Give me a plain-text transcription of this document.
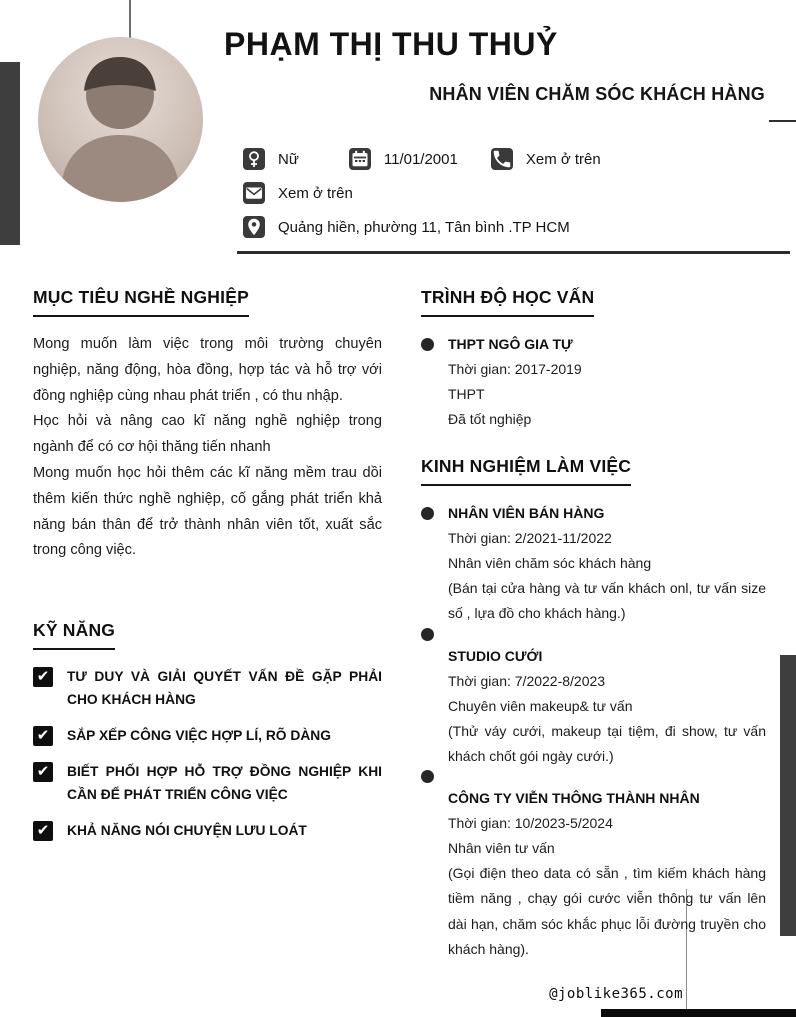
PHẠM THỊ THU THUỶ
NHÂN VIÊN CHĂM SÓC KHÁCH HÀNG
Nữ	11/01/2001	Xem ở trên
Xem ở trên
Quảng hiền, phường 11, Tân bình .TP HCM
MỤC TIÊU NGHỀ NGHIỆP

Mong muốn làm việc trong môi trường chuyên nghiệp, năng động, hòa đồng, hợp tác và hỗ trợ với đồng nghiệp cùng nhau phát triển , có thu nhập.

Học hỏi và nâng cao kĩ năng nghề nghiệp trong ngành để có cơ hội thăng tiến nhanh

Mong muốn học hỏi thêm các kĩ năng mềm trau dồi thêm kiến thức nghề nghiệp, cố gắng phát triển khả năng bán thân để trở thành nhân viên tốt, xuất sắc trong công việc.

KỸ NĂNG
✔ TƯ DUY VÀ GIẢI QUYẾT VẤN ĐỀ GẶP PHẢI CHO KHÁCH HÀNG
✔ SẮP XẾP CÔNG VIỆC HỢP LÍ, RÕ DÀNG
✔ BIẾT PHỐI HỢP HỖ TRỢ ĐỒNG NGHIỆP KHI CẦN ĐỂ PHÁT TRIỂN CÔNG VIỆC
✔ KHẢ NĂNG NÓI CHUYỆN LƯU LOÁT
TRÌNH ĐỘ HỌC VẤN
THPT NGÔ GIA TỰ
Thời gian: 2017-2019
THPT
Đã tốt nghiệp
KINH NGHIỆM LÀM VIỆC
NHÂN VIÊN BÁN HÀNG
Thời gian: 2/2021-11/2022
Nhân viên chăm sóc khách hàng
(Bán tại cửa hàng và tư vấn khách onl, tư vấn size số , lựa đồ cho khách hàng.)
STUDIO CƯỚI
Thời gian: 7/2022-8/2023
Chuyên viên makeup& tư vấn
(Thử váy cưới, makeup tại tiệm, đi show, tư vấn khách chốt gói ngày cưới.)
CÔNG TY VIỄN THÔNG THÀNH NHÂN
Thời gian: 10/2023-5/2024
Nhân viên tư vấn
(Gọi điện theo data có sẵn , tìm kiếm khách hàng tiềm năng , chạy gói cước viễn thông tư vấn lên dài hạn, chăm sóc khắc phục lỗi đường truyền cho khách hàng).
@joblike365.com
